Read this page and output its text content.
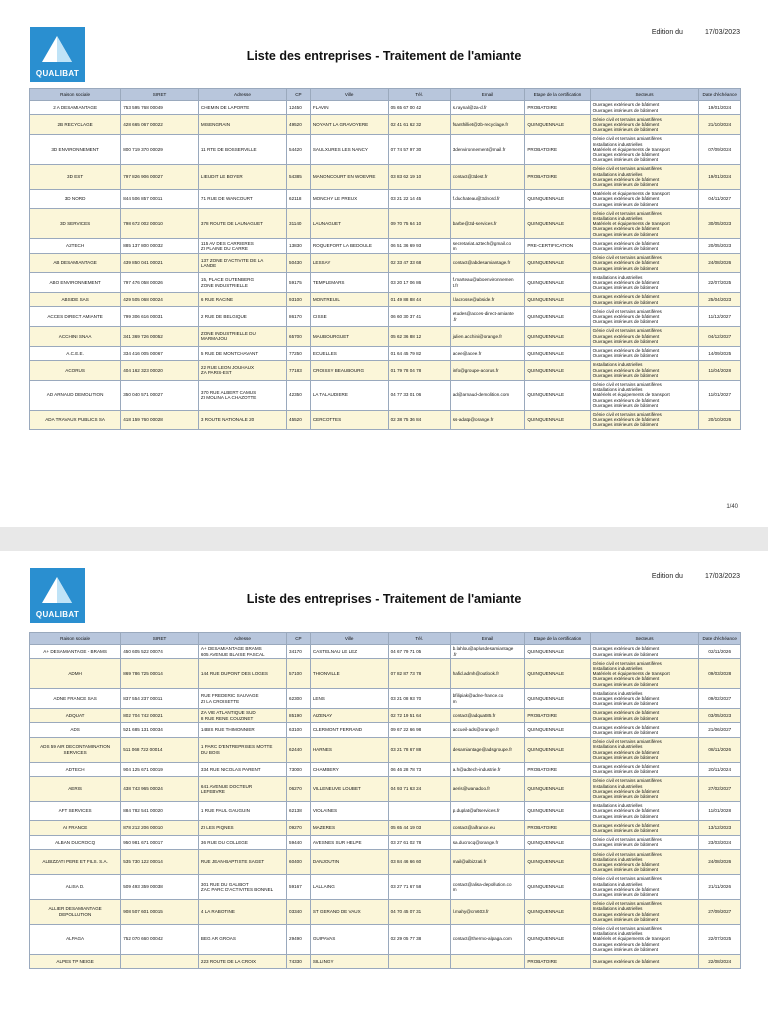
QUALIBAT
Edition du	17/03/2023
Liste des entreprises - Traitement de l'amiante
Raison sociale	SIRET	Adresse	CP	Ville	Tél.	Email	Etape de la certification	Secteurs	Date d'échéance
2 A DESAMIANTAGE	753 595 768 00049	CHEMIN DE LAPORTE	12450	FLAVIN	05 65 67 00 42	s.raynal@2a-d.fr	PROBATOIRE	Ouvrages extérieurs de bâtiment
Ouvrages intérieurs de bâtiment	19/01/2024
2B RECYCLAGE	428 665 067 00022	MISENGRAIN	49520	NOYANT LA GRAVOYERE	02 41 61 62 32	fsanthilliet@2b-recyclage.fr	QUINQUENNALE	Génie civil et terrains amiantifères
Ouvrages extérieurs de bâtiment
Ouvrages intérieurs de bâtiment	21/10/2024
3D ENVIRONNEMENT	800 719 370 00029	11 RTE DE BOSSERVILLE	54420	SAULXURES LES NANCY	07 74 57 97 30	3denvironnement@mail.fr	PROBATOIRE	Génie civil et terrains amiantifères
Installations industrielles
Matériels et équipements de transport
Ouvrages extérieurs de bâtiment
Ouvrages intérieurs de bâtiment	07/09/2024
3D EST	797 826 906 00027	LIEUDIT LE BOYER	54385	MANONCOURT EN WOEVRE	03 83 62 19 10	contact@3dest.fr	PROBATOIRE	Génie civil et terrains amiantifères
Installations industrielles
Ouvrages extérieurs de bâtiment
Ouvrages intérieurs de bâtiment	19/01/2024
3D NORD	844 506 857 00011	71 RUE DE WANCOURT	62118	MONCHY LE PREUX	03 21 22 14 45	f.duchateau@3dnord.fr	QUINQUENNALE	Matériels et équipements de transport
Ouvrages extérieurs de bâtiment
Ouvrages intérieurs de bâtiment	04/11/2027
3D SERVICES	798 672 002 00010	378 ROUTE DE LAUNAGUET	31140	LAUNAGUET	09 70 75 64 10	barbe@3d-services.fr	QUINQUENNALE	Génie civil et terrains amiantifères
Installations industrielles
Matériels et équipements de transport
Ouvrages extérieurs de bâtiment
Ouvrages intérieurs de bâtiment	30/05/2023
A2TECH	885 137 800 00032	115 AV DES CARRIERES
ZI PLAINE DU CARRE	13830	ROQUEFORT LA BEDOULE	06 51 36 69 93	secretariat.a2tech@gmail.co
m	PRE-CERTIFICATION	Ouvrages extérieurs de bâtiment
Ouvrages intérieurs de bâtiment	20/05/2023
AB DESAMIANTAGE	439 850 041 00021	137 ZONE D'ACTIVITE DE LA
LANDE	50430	LESSAY	02 33 47 33 68	contact@abdesamiantage.fr	QUINQUENNALE	Génie civil et terrains amiantifères
Ouvrages extérieurs de bâtiment
Ouvrages intérieurs de bâtiment	24/08/2026
ABO ENVIRONNEMENT	797 476 058 00026	15, PLACE GUTENBERG
ZONE INDUSTRIELLE	59175	TEMPLEMARS	03 20 17 06 86	f.marteau@aboenvironnemen
t.fr	QUINQUENNALE	Installations industrielles
Ouvrages extérieurs de bâtiment
Ouvrages intérieurs de bâtiment	22/07/2025
ABSIDE SAS	429 505 068 00024	6 RUE RACINE	93100	MONTREUIL	01 49 88 88 44	l.lacrosse@abside.fr	QUINQUENNALE	Ouvrages extérieurs de bâtiment
Ouvrages intérieurs de bâtiment	25/04/2023
ACCES DIRECT AMIANTE	799 306 616 00031	2 RUE DE BELGIQUE	86170	CISSE	06 60 30 37 41	etudes@acces-direct-amiante
.fr	QUINQUENNALE	Génie civil et terrains amiantifères
Ouvrages extérieurs de bâtiment
Ouvrages intérieurs de bâtiment	11/12/2027
ACCHINI SNAA	341 369 726 00052	ZONE INDUSTRIELLE DU
MARMAJOU	65700	MAUBOURGUET	05 62 36 88 12	julien.acchini@orange.fr	QUINQUENNALE	Génie civil et terrains amiantifères
Ouvrages extérieurs de bâtiment
Ouvrages intérieurs de bâtiment	04/12/2027
A.C.E.E.	334 416 005 00067	5 RUE DE MONTCHAVANT	77250	ECUELLES	01 64 45 79 82	acee@acee.fr	QUINQUENNALE	Ouvrages extérieurs de bâtiment
Ouvrages intérieurs de bâtiment	14/09/2025
ACORUS	404 162 323 00020	22 RUE LEON JOUHAUX
ZA PARIS-EST	77183	CROISSY BEAUBOURG	01 79 78 04 78	info@groupe-acorus.fr	QUINQUENNALE	Installations industrielles
Ouvrages extérieurs de bâtiment
Ouvrages intérieurs de bâtiment	11/04/2028
AD ARNAUD DEMOLITION	350 040 571 00027	370 RUE ALBERT CAMUS
ZI MOLINA LA CHAZOTTE	42350	LA TALAUDIERE	04 77 33 01 06	ad@arnaud-demolition.com	QUINQUENNALE	Génie civil et terrains amiantifères
Installations industrielles
Matériels et équipements de transport
Ouvrages extérieurs de bâtiment
Ouvrages intérieurs de bâtiment	11/01/2027
ADA TRAVAUX PUBLICS SA	418 159 760 00028	3 ROUTE NATIONALE 20	45520	CERCOTTES	02 38 75 36 84	ss-adatp@orange.fr	QUINQUENNALE	Génie civil et terrains amiantifères
Ouvrages extérieurs de bâtiment
Ouvrages intérieurs de bâtiment	20/10/2026
1/40
QUALIBAT
Edition du	17/03/2023
Liste des entreprises - Traitement de l'amiante
Raison sociale	SIRET	Adresse	CP	Ville	Tél.	Email	Etape de la certification	Secteurs	Date d'échéance
A+ DESAMIANTAGE - BRAMS	450 605 522 00074	A+ DESAMIANTAGE BRAMS
605 AVENUE BLAISE PASCAL	34170	CASTELNAU LE LEZ	04 67 79 71 05	b.lahlou@aplusdesamiantage
.fr	QUINQUENNALE	Ouvrages extérieurs de bâtiment
Ouvrages intérieurs de bâtiment	02/11/2026
ADMH	869 786 725 00014	144 RUE DUPONT DES LOGES	57100	THIONVILLE	07 82 87 73 78	hafid.admh@outlook.fr	QUINQUENNALE	Génie civil et terrains amiantifères
Installations industrielles
Matériels et équipements de transport
Ouvrages extérieurs de bâtiment
Ouvrages intérieurs de bâtiment	09/03/2028
ADNE FRANCE SAS	837 554 237 00011	RUE FREDERIC SAUVAGE
ZI LA CROISETTE	62300	LENS	03 21 08 93 70	bfilipiak@adne-france.co
m	QUINQUENNALE	Installations industrielles
Ouvrages extérieurs de bâtiment
Ouvrages intérieurs de bâtiment	09/02/2027
ADQUAT	802 704 742 00021	ZA VIE ATLANTIQUE SUD
8 RUE RENE COUZINET	85190	AIZENAY	02 72 19 51 64	contact@adquat85.fr	PROBATOIRE	Ouvrages extérieurs de bâtiment
Ouvrages intérieurs de bâtiment	03/05/2023
ADS	521 685 131 00034	14BIS RUE THIMONNIER	63100	CLERMONT FERRAND	09 67 22 66 98	accueil-ads@orange.fr	QUINQUENNALE	Ouvrages extérieurs de bâtiment
Ouvrages intérieurs de bâtiment	21/06/2027
ADS 59 AIR DECONTAMINATION
SERVICES	511 068 722 00014	1 PARC D'ENTREPRISES MOTTE
DU BOIS	62440	HARNES	03 21 78 67 88	desamiantage@adsgroupe.fr	QUINQUENNALE	Génie civil et terrains amiantifères
Installations industrielles
Ouvrages extérieurs de bâtiment
Ouvrages intérieurs de bâtiment	08/11/2026
ADTECH	904 125 671 00019	334 RUE NICOLAS PARENT	73000	CHAMBERY	06 46 28 78 73	a.h@adtech-industrie.fr	PROBATOIRE	Ouvrages extérieurs de bâtiment
Ouvrages intérieurs de bâtiment	20/11/2024
AERIS	438 743 965 00024	641 AVENUE DOCTEUR
LEFEBVRE	06270	VILLENEUVE LOUBET	04 93 71 63 24	aeris@wanadoo.fr	QUINQUENNALE	Génie civil et terrains amiantifères
Installations industrielles
Ouvrages extérieurs de bâtiment
Ouvrages intérieurs de bâtiment	27/02/2027
AFT SERVICES	884 782 541 00020	1 RUE PAUL GAUGUIN	62138	VIOLAINES		p.duplat@aftservices.fr	QUINQUENNALE	Installations industrielles
Ouvrages extérieurs de bâtiment
Ouvrages intérieurs de bâtiment	11/01/2028
AI FRANCE	878 212 206 00010	ZI LES PIQNES	09270	MAZERES	05 65 44 19 03	contact@aifrance.eu	PROBATOIRE	Ouvrages extérieurs de bâtiment
Ouvrages intérieurs de bâtiment	13/12/2023
ALBAN DUCROCQ	950 981 671 00017	36 RUE DU COLLEGE	59440	AVESNES SUR HELPE	03 27 61 02 78	sa.ducrocq@orange.fr	QUINQUENNALE	Génie civil et terrains amiantifères
Ouvrages intérieurs de bâtiment	23/03/2024
ALBIZZATI PERE ET FILS. S.A.	535 730 122 00014	RUE JEAN-BAPTISTE SAGET	60400	DANJOUTIN	03 84 46 66 60	mail@albizzati.fr	QUINQUENNALE	Génie civil et terrains amiantifères
Installations industrielles
Ouvrages extérieurs de bâtiment
Ouvrages intérieurs de bâtiment	24/08/2026
ALISA D.	509 493 359 00038	301 RUE DU GALIBOT
ZAC PARC D'ACTIVITES BONNEL	59167	LALLAING	03 27 71 67 58	contact@alisa-depollution.co
m	QUINQUENNALE	Génie civil et terrains amiantifères
Installations industrielles
Ouvrages extérieurs de bâtiment
Ouvrages intérieurs de bâtiment	21/11/2026
ALLIER DESAMIANTAGE
DEPOLLUTION	908 507 601 00015	4 LA RABOTINE	03340	ST GERAND DE VAUX	04 70 45 07 31	l.mahy@cm603.fr	QUINQUENNALE	Génie civil et terrains amiantifères
Installations industrielles
Ouvrages extérieurs de bâtiment
Ouvrages intérieurs de bâtiment	27/09/2027
ALPAGA	752 070 660 00042	BEG AR GROAS	29490	GUIPAVAS	02 29 05 77 38	contact@thermo-alpaga.com	QUINQUENNALE	Génie civil et terrains amiantifères
Installations industrielles
Matériels et équipements de transport
Ouvrages extérieurs de bâtiment
Ouvrages intérieurs de bâtiment	22/07/2025
ALPES TP NEIGE		223 ROUTE DE LA CROIX	74330	SILLINGY			PROBATOIRE	Ouvrages extérieurs de bâtiment	22/08/2024
